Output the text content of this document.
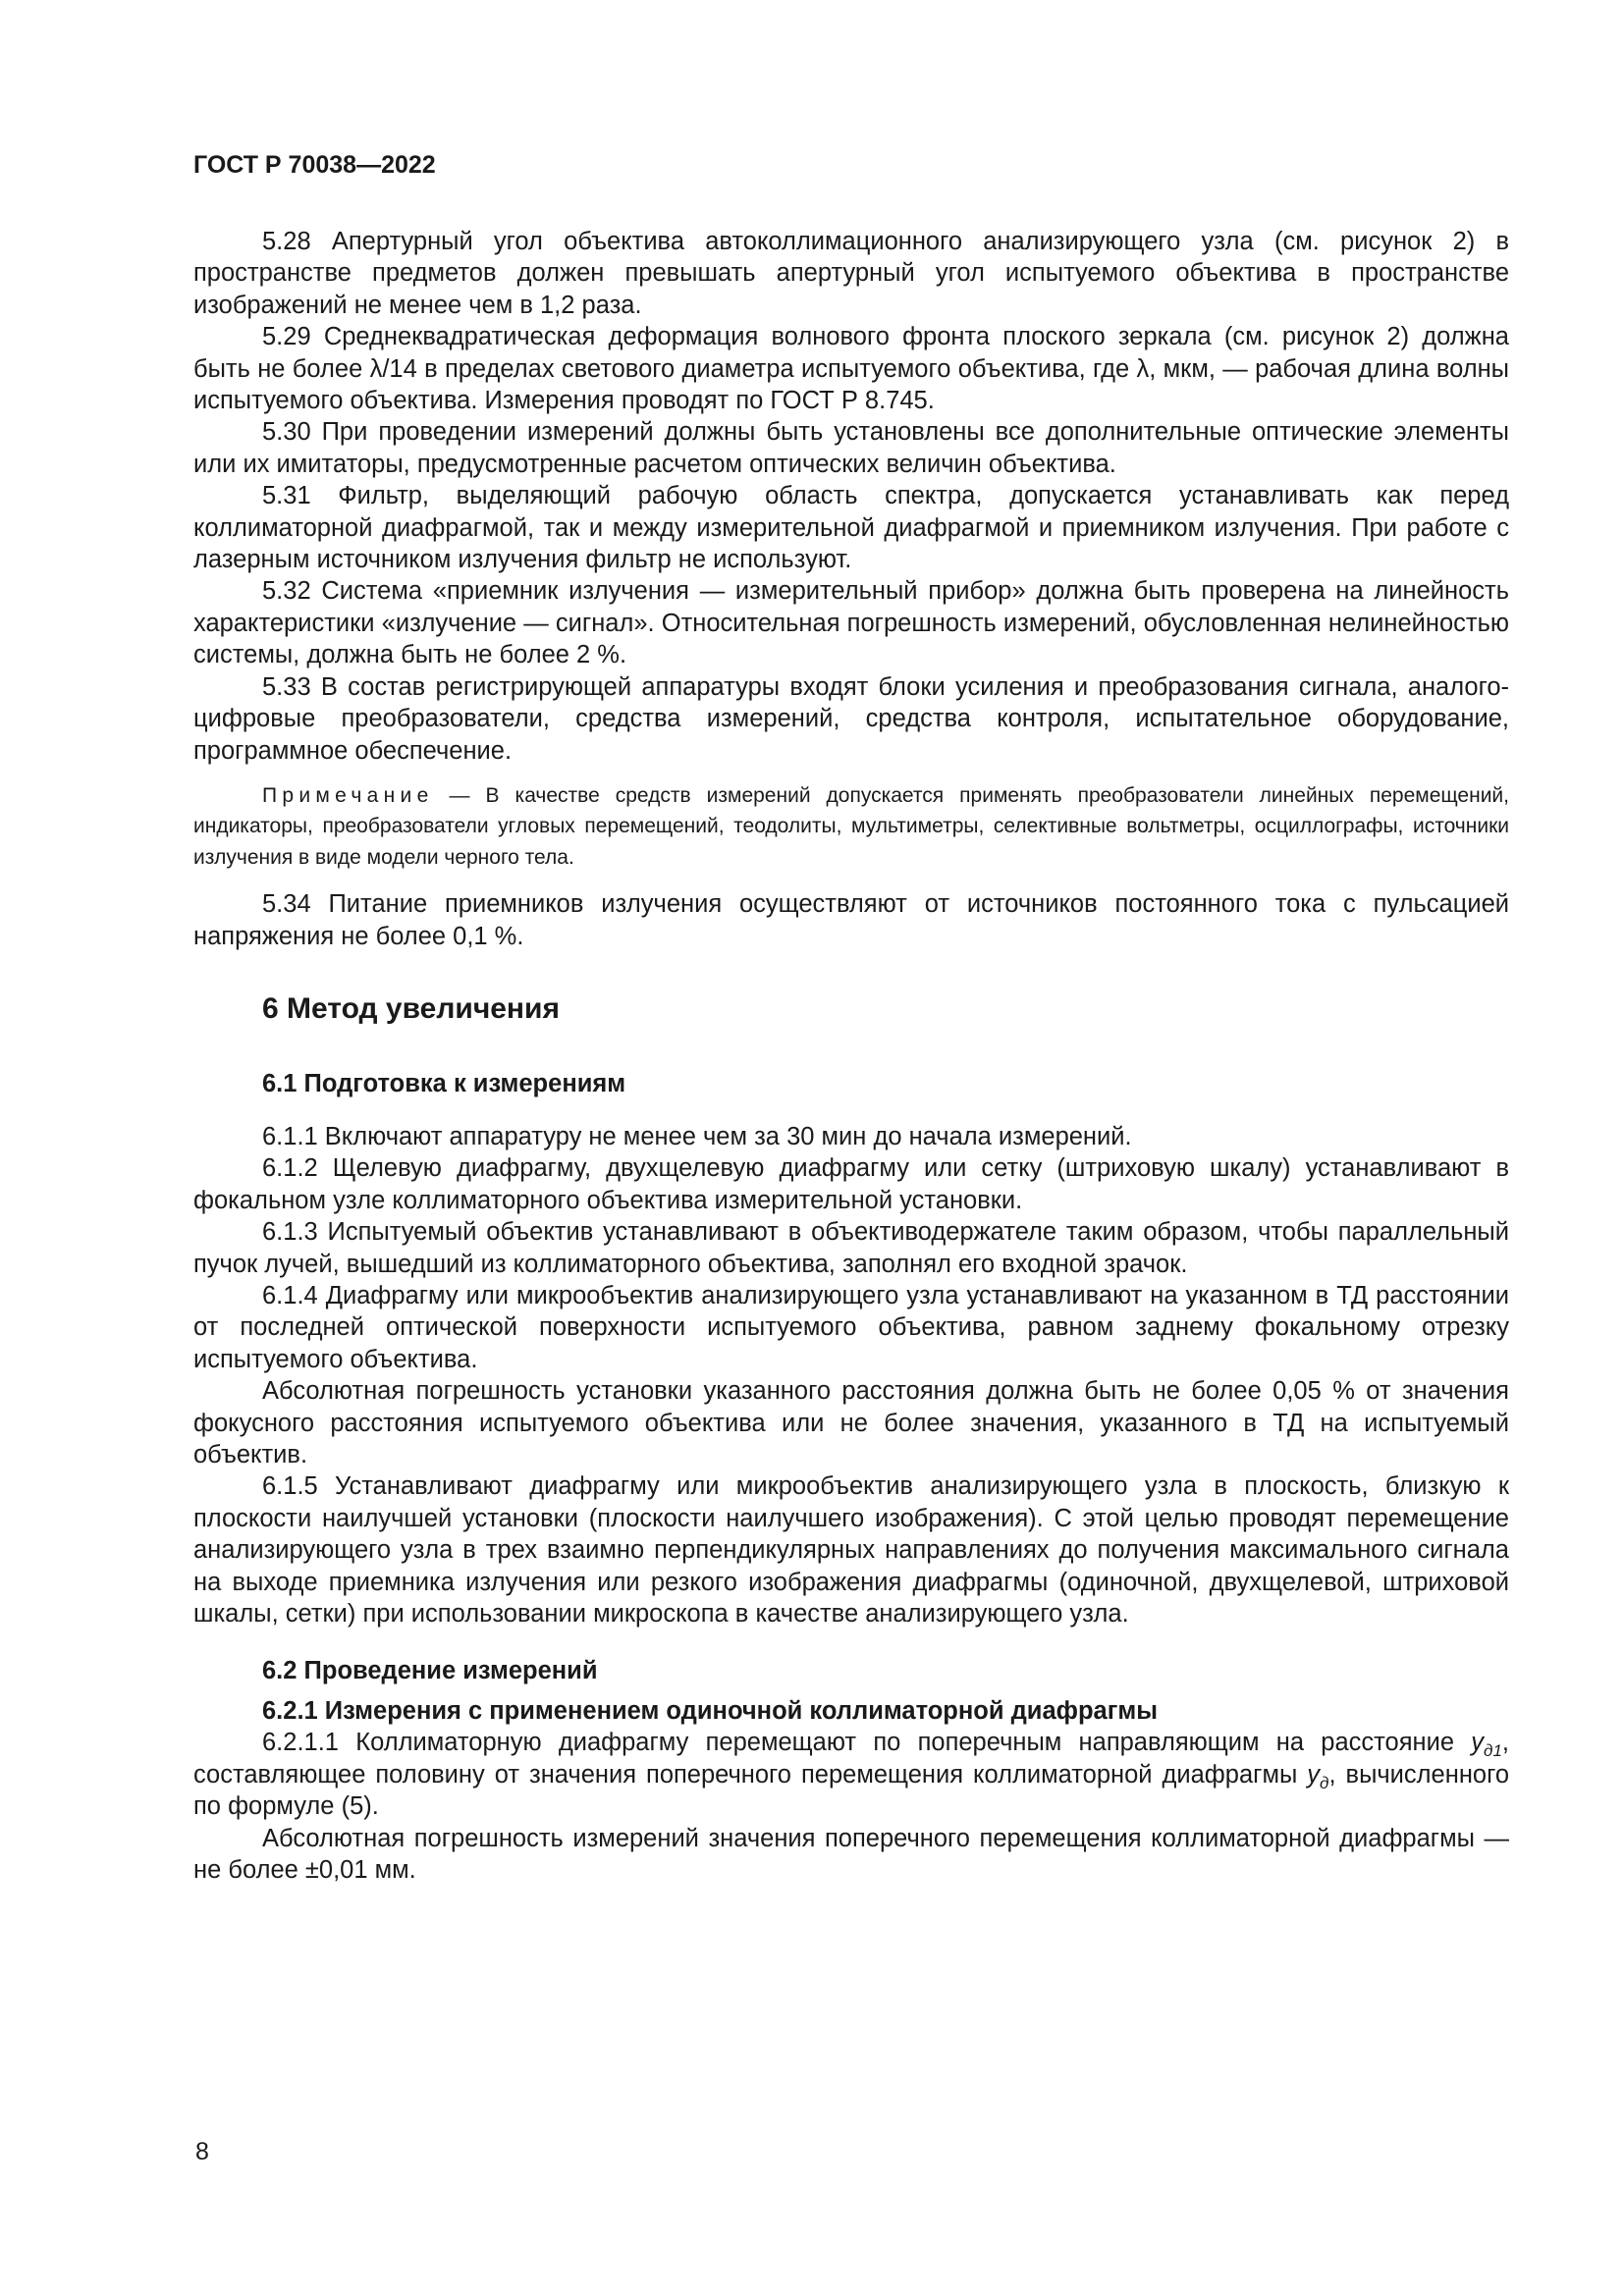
ГОСТ Р 70038—2022

5.28 Апертурный угол объектива автоколлимационного анализирующего узла (см. рисунок 2) в пространстве предметов должен превышать апертурный угол испытуемого объектива в пространстве изображений не менее чем в 1,2 раза.

5.29 Среднеквадратическая деформация волнового фронта плоского зеркала (см. рисунок 2) должна быть не более λ/14 в пределах светового диаметра испытуемого объектива, где λ, мкм, — рабочая длина волны испытуемого объектива. Измерения проводят по ГОСТ Р 8.745.

5.30 При проведении измерений должны быть установлены все дополнительные оптические элементы или их имитаторы, предусмотренные расчетом оптических величин объектива.

5.31 Фильтр, выделяющий рабочую область спектра, допускается устанавливать как перед коллиматорной диафрагмой, так и между измерительной диафрагмой и приемником излучения. При работе с лазерным источником излучения фильтр не используют.

5.32 Система «приемник излучения — измерительный прибор» должна быть проверена на линейность характеристики «излучение — сигнал». Относительная погрешность измерений, обусловленная нелинейностью системы, должна быть не более 2 %.

5.33 В состав регистрирующей аппаратуры входят блоки усиления и преобразования сигнала, аналого-цифровые преобразователи, средства измерений, средства контроля, испытательное оборудование, программное обеспечение.

Примечание — В качестве средств измерений допускается применять преобразователи линейных перемещений, индикаторы, преобразователи угловых перемещений, теодолиты, мультиметры, селективные вольтметры, осциллографы, источники излучения в виде модели черного тела.

5.34 Питание приемников излучения осуществляют от источников постоянного тока с пульсацией напряжения не более 0,1 %.

6 Метод увеличения
6.1 Подготовка к измерениям

6.1.1 Включают аппаратуру не менее чем за 30 мин до начала измерений.

6.1.2 Щелевую диафрагму, двухщелевую диафрагму или сетку (штриховую шкалу) устанавливают в фокальном узле коллиматорного объектива измерительной установки.

6.1.3 Испытуемый объектив устанавливают в объективодержателе таким образом, чтобы параллельный пучок лучей, вышедший из коллиматорного объектива, заполнял его входной зрачок.

6.1.4 Диафрагму или микрообъектив анализирующего узла устанавливают на указанном в ТД расстоянии от последней оптической поверхности испытуемого объектива, равном заднему фокальному отрезку испытуемого объектива.

Абсолютная погрешность установки указанного расстояния должна быть не более 0,05 % от значения фокусного расстояния испытуемого объектива или не более значения, указанного в ТД на испытуемый объектив.

6.1.5 Устанавливают диафрагму или микрообъектив анализирующего узла в плоскость, близкую к плоскости наилучшей установки (плоскости наилучшего изображения). С этой целью проводят перемещение анализирующего узла в трех взаимно перпендикулярных направлениях до получения максимального сигнала на выходе приемника излучения или резкого изображения диафрагмы (одиночной, двухщелевой, штриховой шкалы, сетки) при использовании микроскопа в качестве анализирующего узла.

6.2 Проведение измерений
6.2.1 Измерения с применением одиночной коллиматорной диафрагмы

6.2.1.1 Коллиматорную диафрагму перемещают по поперечным направляющим на расстояние $y_{д1}$, составляющее половину от значения поперечного перемещения коллиматорной диафрагмы $y_д$, вычисленного по формуле (5).

Абсолютная погрешность измерений значения поперечного перемещения коллиматорной диафрагмы — не более ±0,01 мм.

8
